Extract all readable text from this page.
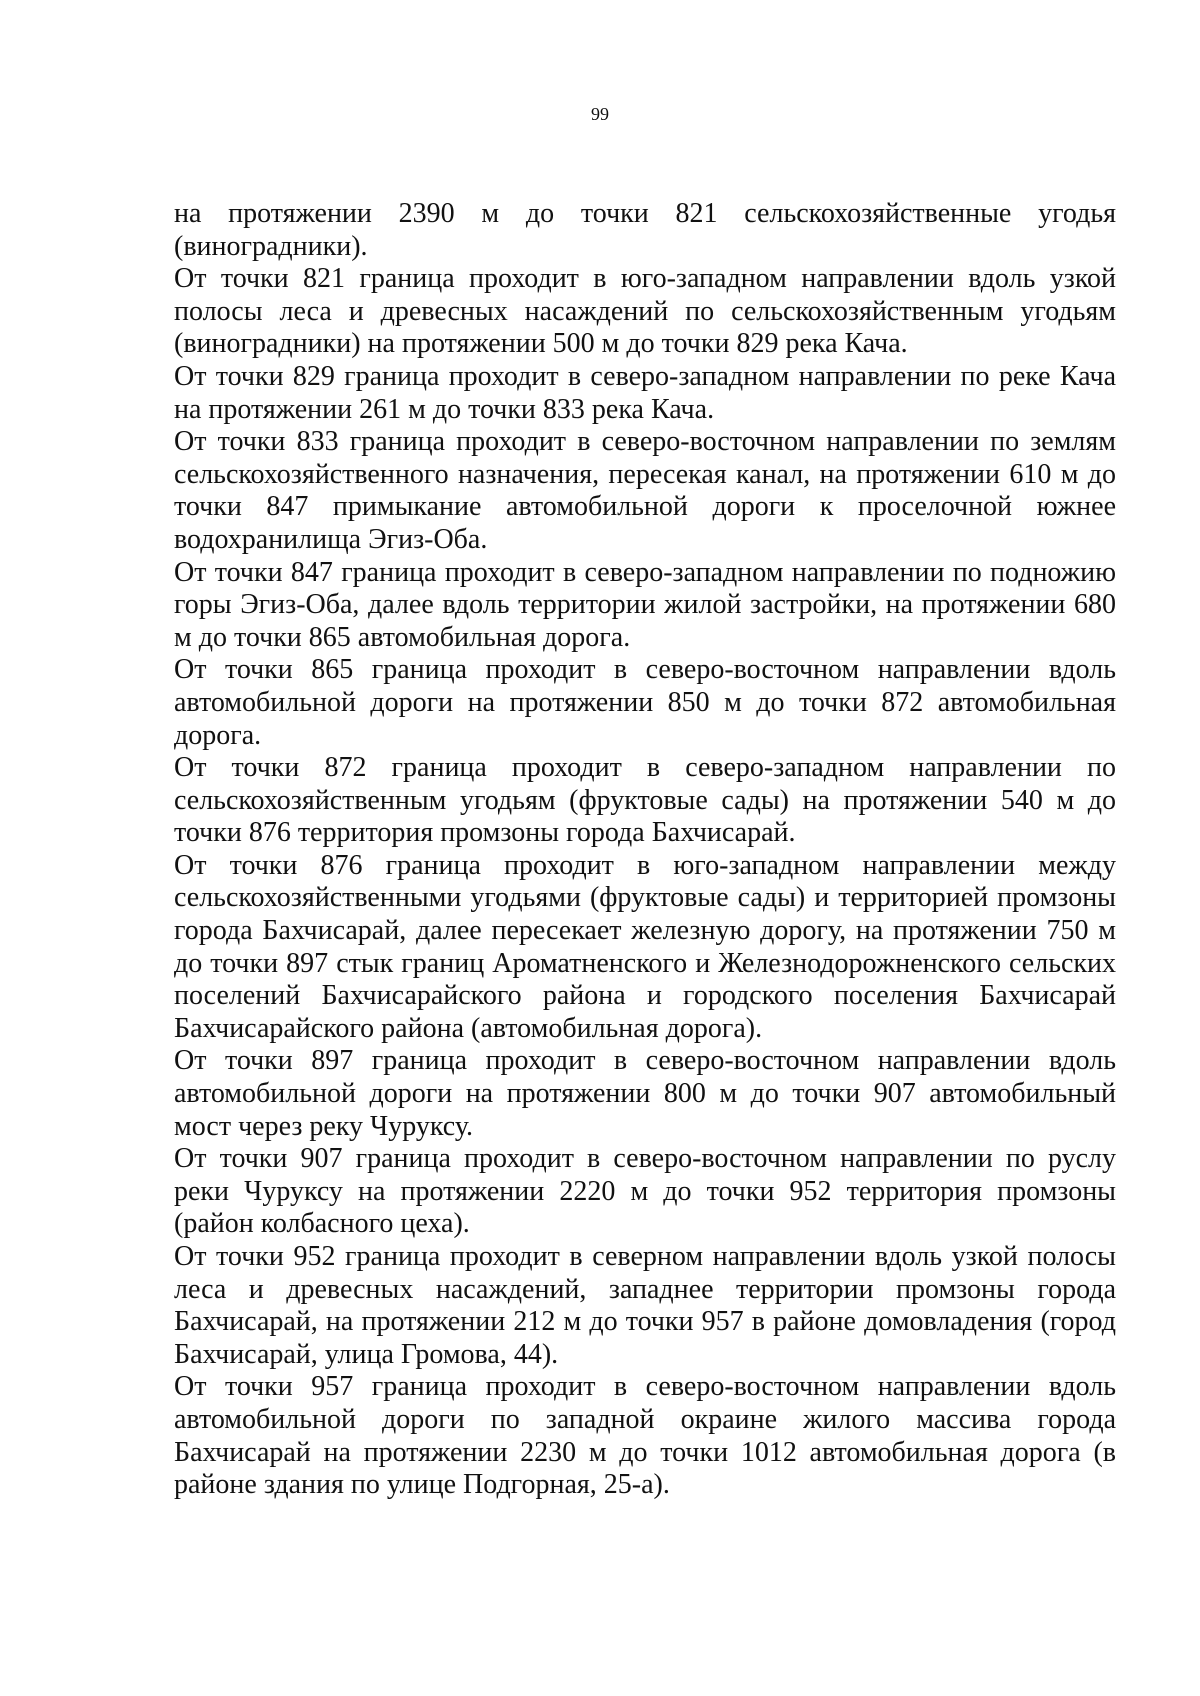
99

на протяжении 2390 м до точки 821 сельскохозяйственные угодья (виноградники).

От точки 821 граница проходит в юго-западном направлении вдоль узкой полосы леса и древесных насаждений по сельскохозяйственным угодьям (виноградники) на протяжении 500 м до точки 829 река Кача.

От точки 829 граница проходит в северо-западном направлении по реке Кача на протяжении 261 м до точки 833 река Кача.

От точки 833 граница проходит в северо-восточном направлении по землям сельскохозяйственного назначения, пересекая канал, на протяжении 610 м до точки 847 примыкание автомобильной дороги к проселочной южнее водохранилища Эгиз-Оба.

От точки 847 граница проходит в северо-западном направлении по подножию горы Эгиз-Оба, далее вдоль территории жилой застройки, на протяжении 680 м до точки 865 автомобильная дорога.

От точки 865 граница проходит в северо-восточном направлении вдоль автомобильной дороги на протяжении 850 м до точки 872 автомобильная дорога.

От точки 872 граница проходит в северо-западном направлении по сельскохозяйственным угодьям (фруктовые сады) на протяжении 540 м до точки 876 территория промзоны города Бахчисарай.

От точки 876 граница проходит в юго-западном направлении между сельскохозяйственными угодьями (фруктовые сады) и территорией промзоны города Бахчисарай, далее пересекает железную дорогу, на протяжении 750 м до точки 897 стык границ Ароматненского и Железнодорожненского сельских поселений Бахчисарайского района и городского поселения Бахчисарай Бахчисарайского района (автомобильная дорога).

От точки 897 граница проходит в северо-восточном направлении вдоль автомобильной дороги на протяжении 800 м до точки 907 автомобильный мост через реку Чуруксу.

От точки 907 граница проходит в северо-восточном направлении по руслу реки Чуруксу на протяжении 2220 м до точки 952 территория промзоны (район колбасного цеха).

От точки 952 граница проходит в северном направлении вдоль узкой полосы леса и древесных насаждений, западнее территории промзоны города Бахчисарай, на протяжении 212 м до точки 957 в районе домовладения (город Бахчисарай, улица Громова, 44).

От точки 957 граница проходит в северо-восточном направлении вдоль автомобильной дороги по западной окраине жилого массива города Бахчисарай на протяжении 2230 м до точки 1012 автомобильная дорога (в районе здания по улице Подгорная, 25-а).
